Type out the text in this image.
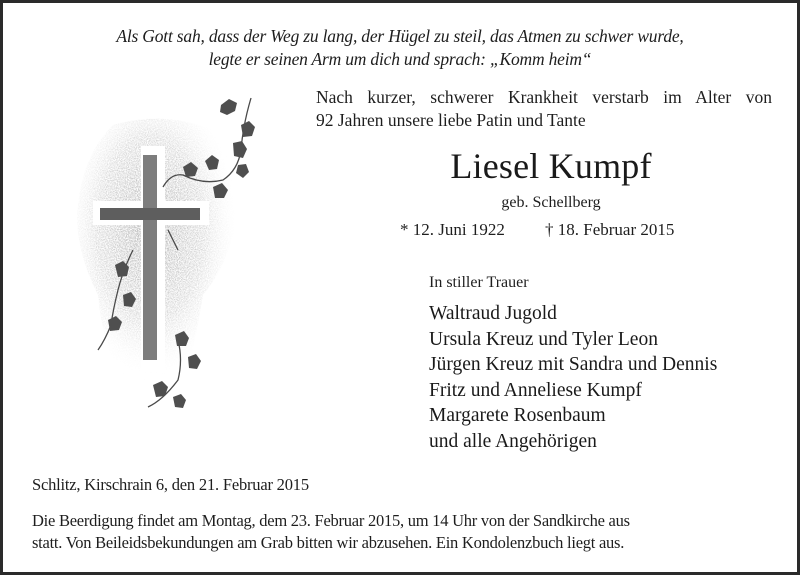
Als Gott sah, dass der Weg zu lang, der Hügel zu steil, das Atmen zu schwer wurde,
legte er seinen Arm um dich und sprach: „Komm heim“
Nach kurzer, schwerer Krankheit verstarb im Alter von
92 Jahren unsere liebe Patin und Tante
Liesel Kumpf
geb. Schellberg
* 12. Juni 1922 † 18. Februar 2015
In stiller Trauer
Waltraud Jugold
Ursula Kreuz und Tyler Leon
Jürgen Kreuz mit Sandra und Dennis
Fritz und Anneliese Kumpf
Margarete Rosenbaum
und alle Angehörigen
Schlitz, Kirschrain 6, den 21. Februar 2015
Die Beerdigung findet am Montag, dem 23. Februar 2015, um 14 Uhr von der Sandkirche aus
statt. Von Beileidsbekundungen am Grab bitten wir abzusehen. Ein Kondolenzbuch liegt aus.
